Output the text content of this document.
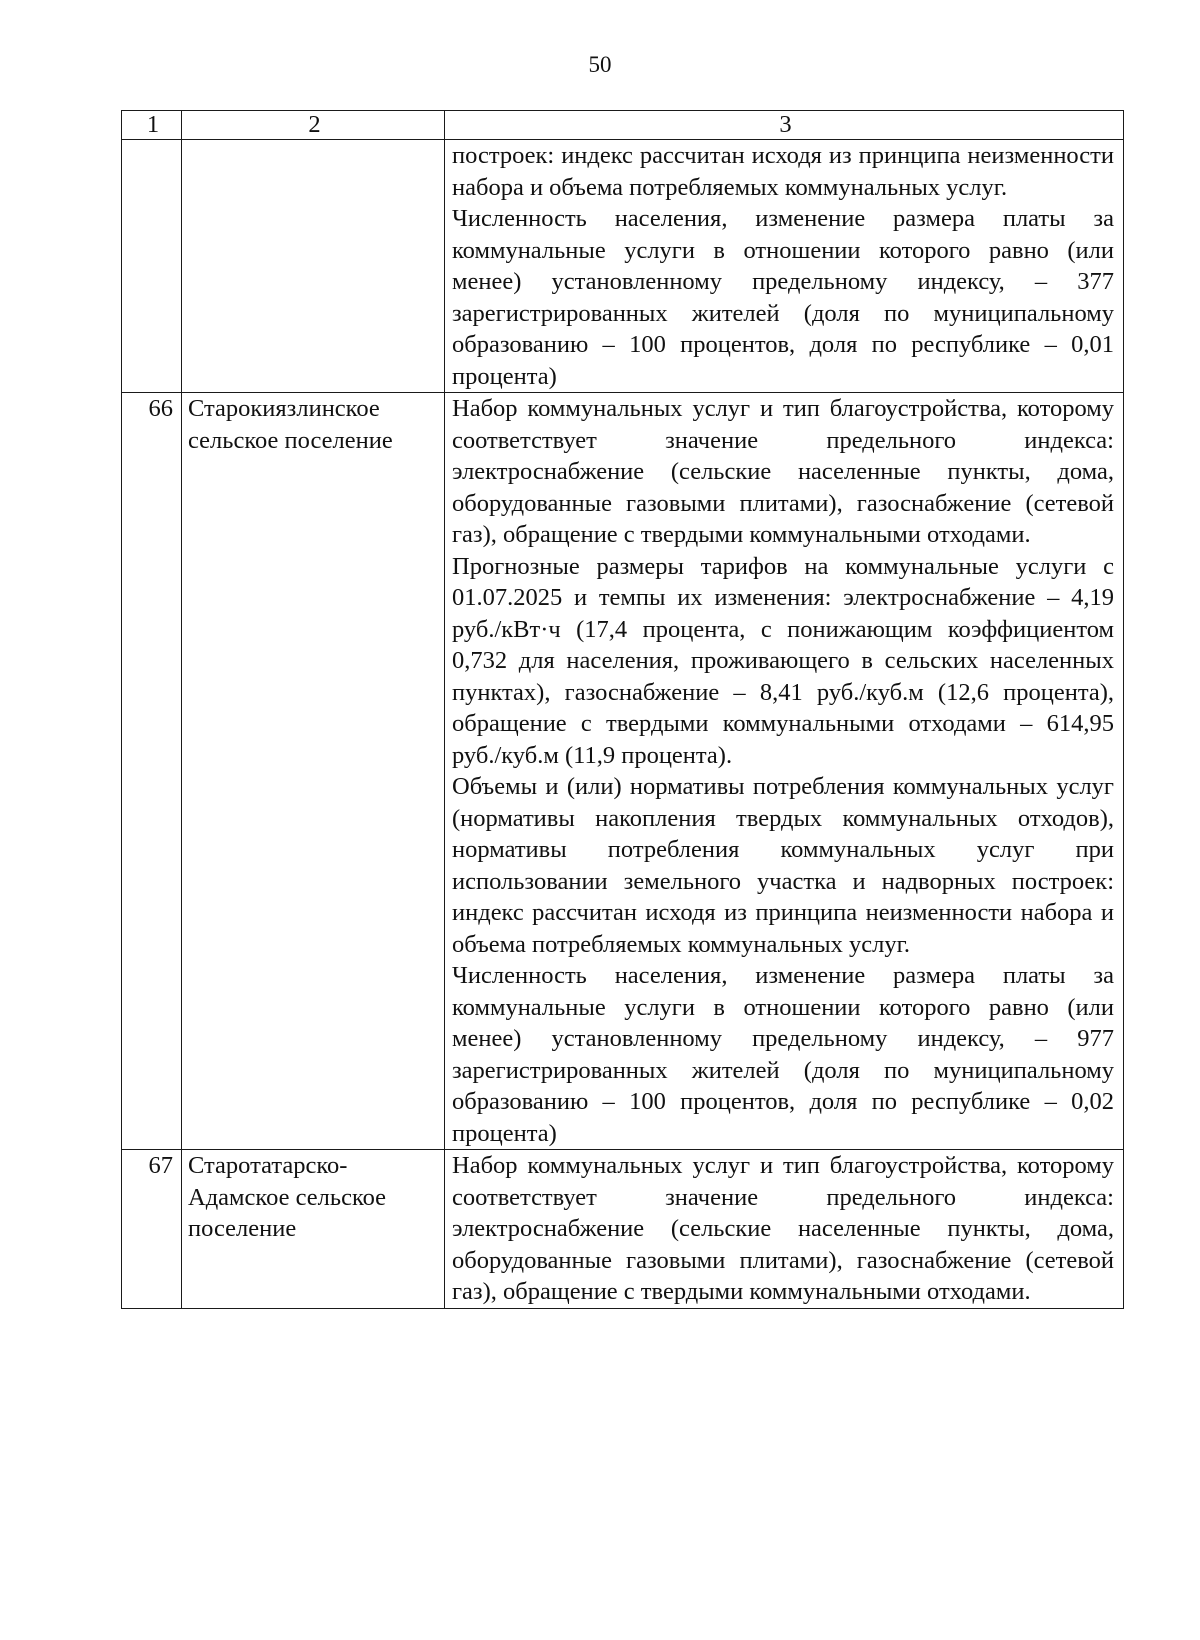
50
1	2	3

		построек: индекс рассчитан исходя из принципа неизменности набора и объема потребляемых коммунальных услуг.

Численность населения, изменение размера платы за коммунальные услуги в отношении которого равно (или менее) установленному предельному индексу, – 377 зарегистрированных жителей (доля по муниципальному образованию – 100 процентов, доля по республике – 0,01 процента)

66	Старокиязлинское сельское поселение	Набор коммунальных услуг и тип благоустройства, которому соответствует значение предельного индекса: электроснабжение (сельские населенные пункты, дома, оборудованные газовыми плитами), газоснабжение (сетевой газ), обращение с твердыми коммунальными отходами.

Прогнозные размеры тарифов на коммунальные услуги с 01.07.2025 и темпы их изменения: электроснабжение – 4,19 руб./кВт·ч (17,4 процента, с понижающим коэффициентом 0,732 для населения, проживающего в сельских населенных пунктах), газоснабжение – 8,41 руб./куб.м (12,6 процента), обращение с твердыми коммунальными отходами – 614,95 руб./куб.м (11,9 процента).

Объемы и (или) нормативы потребления коммунальных услуг (нормативы накопления твердых коммунальных отходов), нормативы потребления коммунальных услуг при использовании земельного участка и надворных построек: индекс рассчитан исходя из принципа неизменности набора и объема потребляемых коммунальных услуг.

Численность населения, изменение размера платы за коммунальные услуги в отношении которого равно (или менее) установленному предельному индексу, – 977 зарегистрированных жителей (доля по муниципальному образованию – 100 процентов, доля по республике – 0,02 процента)

67	Старотатарско-Адамское сельское поселение	Набор коммунальных услуг и тип благоустройства, которому соответствует значение предельного индекса: электроснабжение (сельские населенные пункты, дома, оборудованные газовыми плитами), газоснабжение (сетевой газ), обращение с твердыми коммунальными отходами.
